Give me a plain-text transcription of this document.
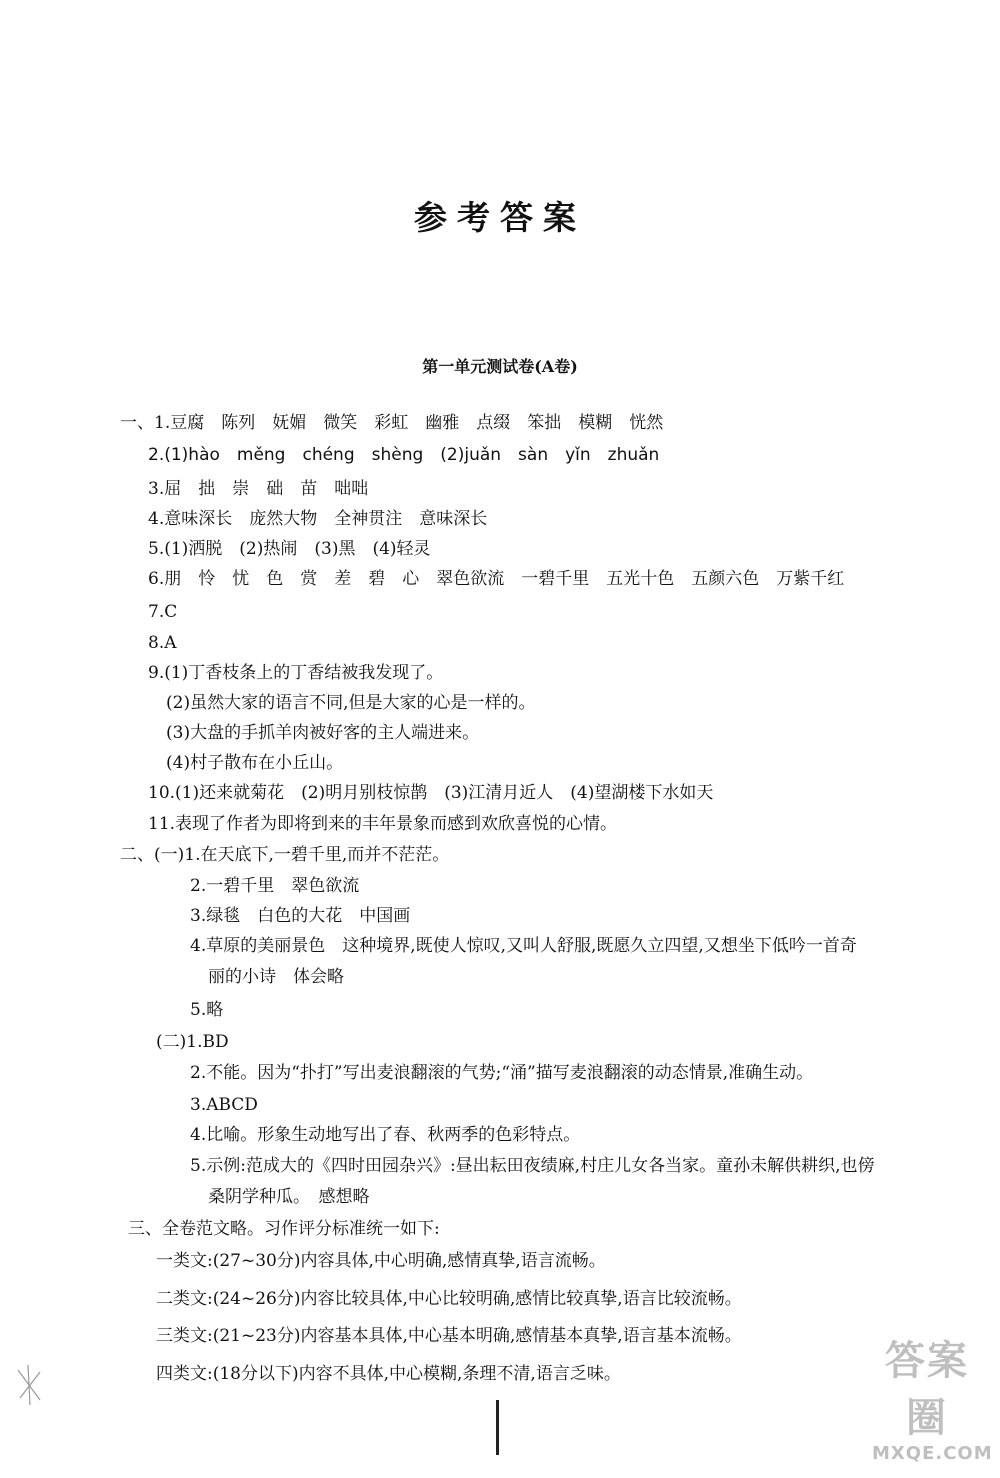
参考答案
第一单元测试卷(A卷)
一、1.豆腐　陈列　妩媚　微笑　彩虹　幽雅　点缀　笨拙　模糊　恍然
2.(1)hào　měng　chéng　shèng　(2)juǎn　sàn　yǐn　zhuǎn
3.屈　拙　崇　础　苗　咄咄
4.意味深长　庞然大物　全神贯注　意味深长
5.(1)洒脱　(2)热闹　(3)黑　(4)轻灵
6.朋　怜　忧　色　赏　差　碧　心　翠色欲流　一碧千里　五光十色　五颜六色　万紫千红
7.C
8.A
9.(1)丁香枝条上的丁香结被我发现了。
(2)虽然大家的语言不同,但是大家的心是一样的。
(3)大盘的手抓羊肉被好客的主人端进来。
(4)村子散布在小丘山。
10.(1)还来就菊花　(2)明月别枝惊鹊　(3)江清月近人　(4)望湖楼下水如天
11.表现了作者为即将到来的丰年景象而感到欢欣喜悦的心情。
二、(一)1.在天底下,一碧千里,而并不茫茫。
2.一碧千里　翠色欲流
3.绿毯　白色的大花　中国画
4.草原的美丽景色　这种境界,既使人惊叹,又叫人舒服,既愿久立四望,又想坐下低吟一首奇
丽的小诗　体会略
5.略
(二)1.BD
2.不能。因为“扑打”写出麦浪翻滚的气势;“涌”描写麦浪翻滚的动态情景,准确生动。
3.ABCD
4.比喻。形象生动地写出了春、秋两季的色彩特点。
5.示例:范成大的《四时田园杂兴》:昼出耘田夜绩麻,村庄儿女各当家。童孙未解供耕织,也傍
桑阴学种瓜。　感想略
三、全卷范文略。习作评分标准统一如下:
一类文:(27~30分)内容具体,中心明确,感情真挚,语言流畅。
二类文:(24~26分)内容比较具体,中心比较明确,感情比较真挚,语言比较流畅。
三类文:(21~23分)内容基本具体,中心基本明确,感情基本真挚,语言基本流畅。
四类文:(18分以下)内容不具体,中心模糊,条理不清,语言乏味。	答案圈
MXQE.COM
